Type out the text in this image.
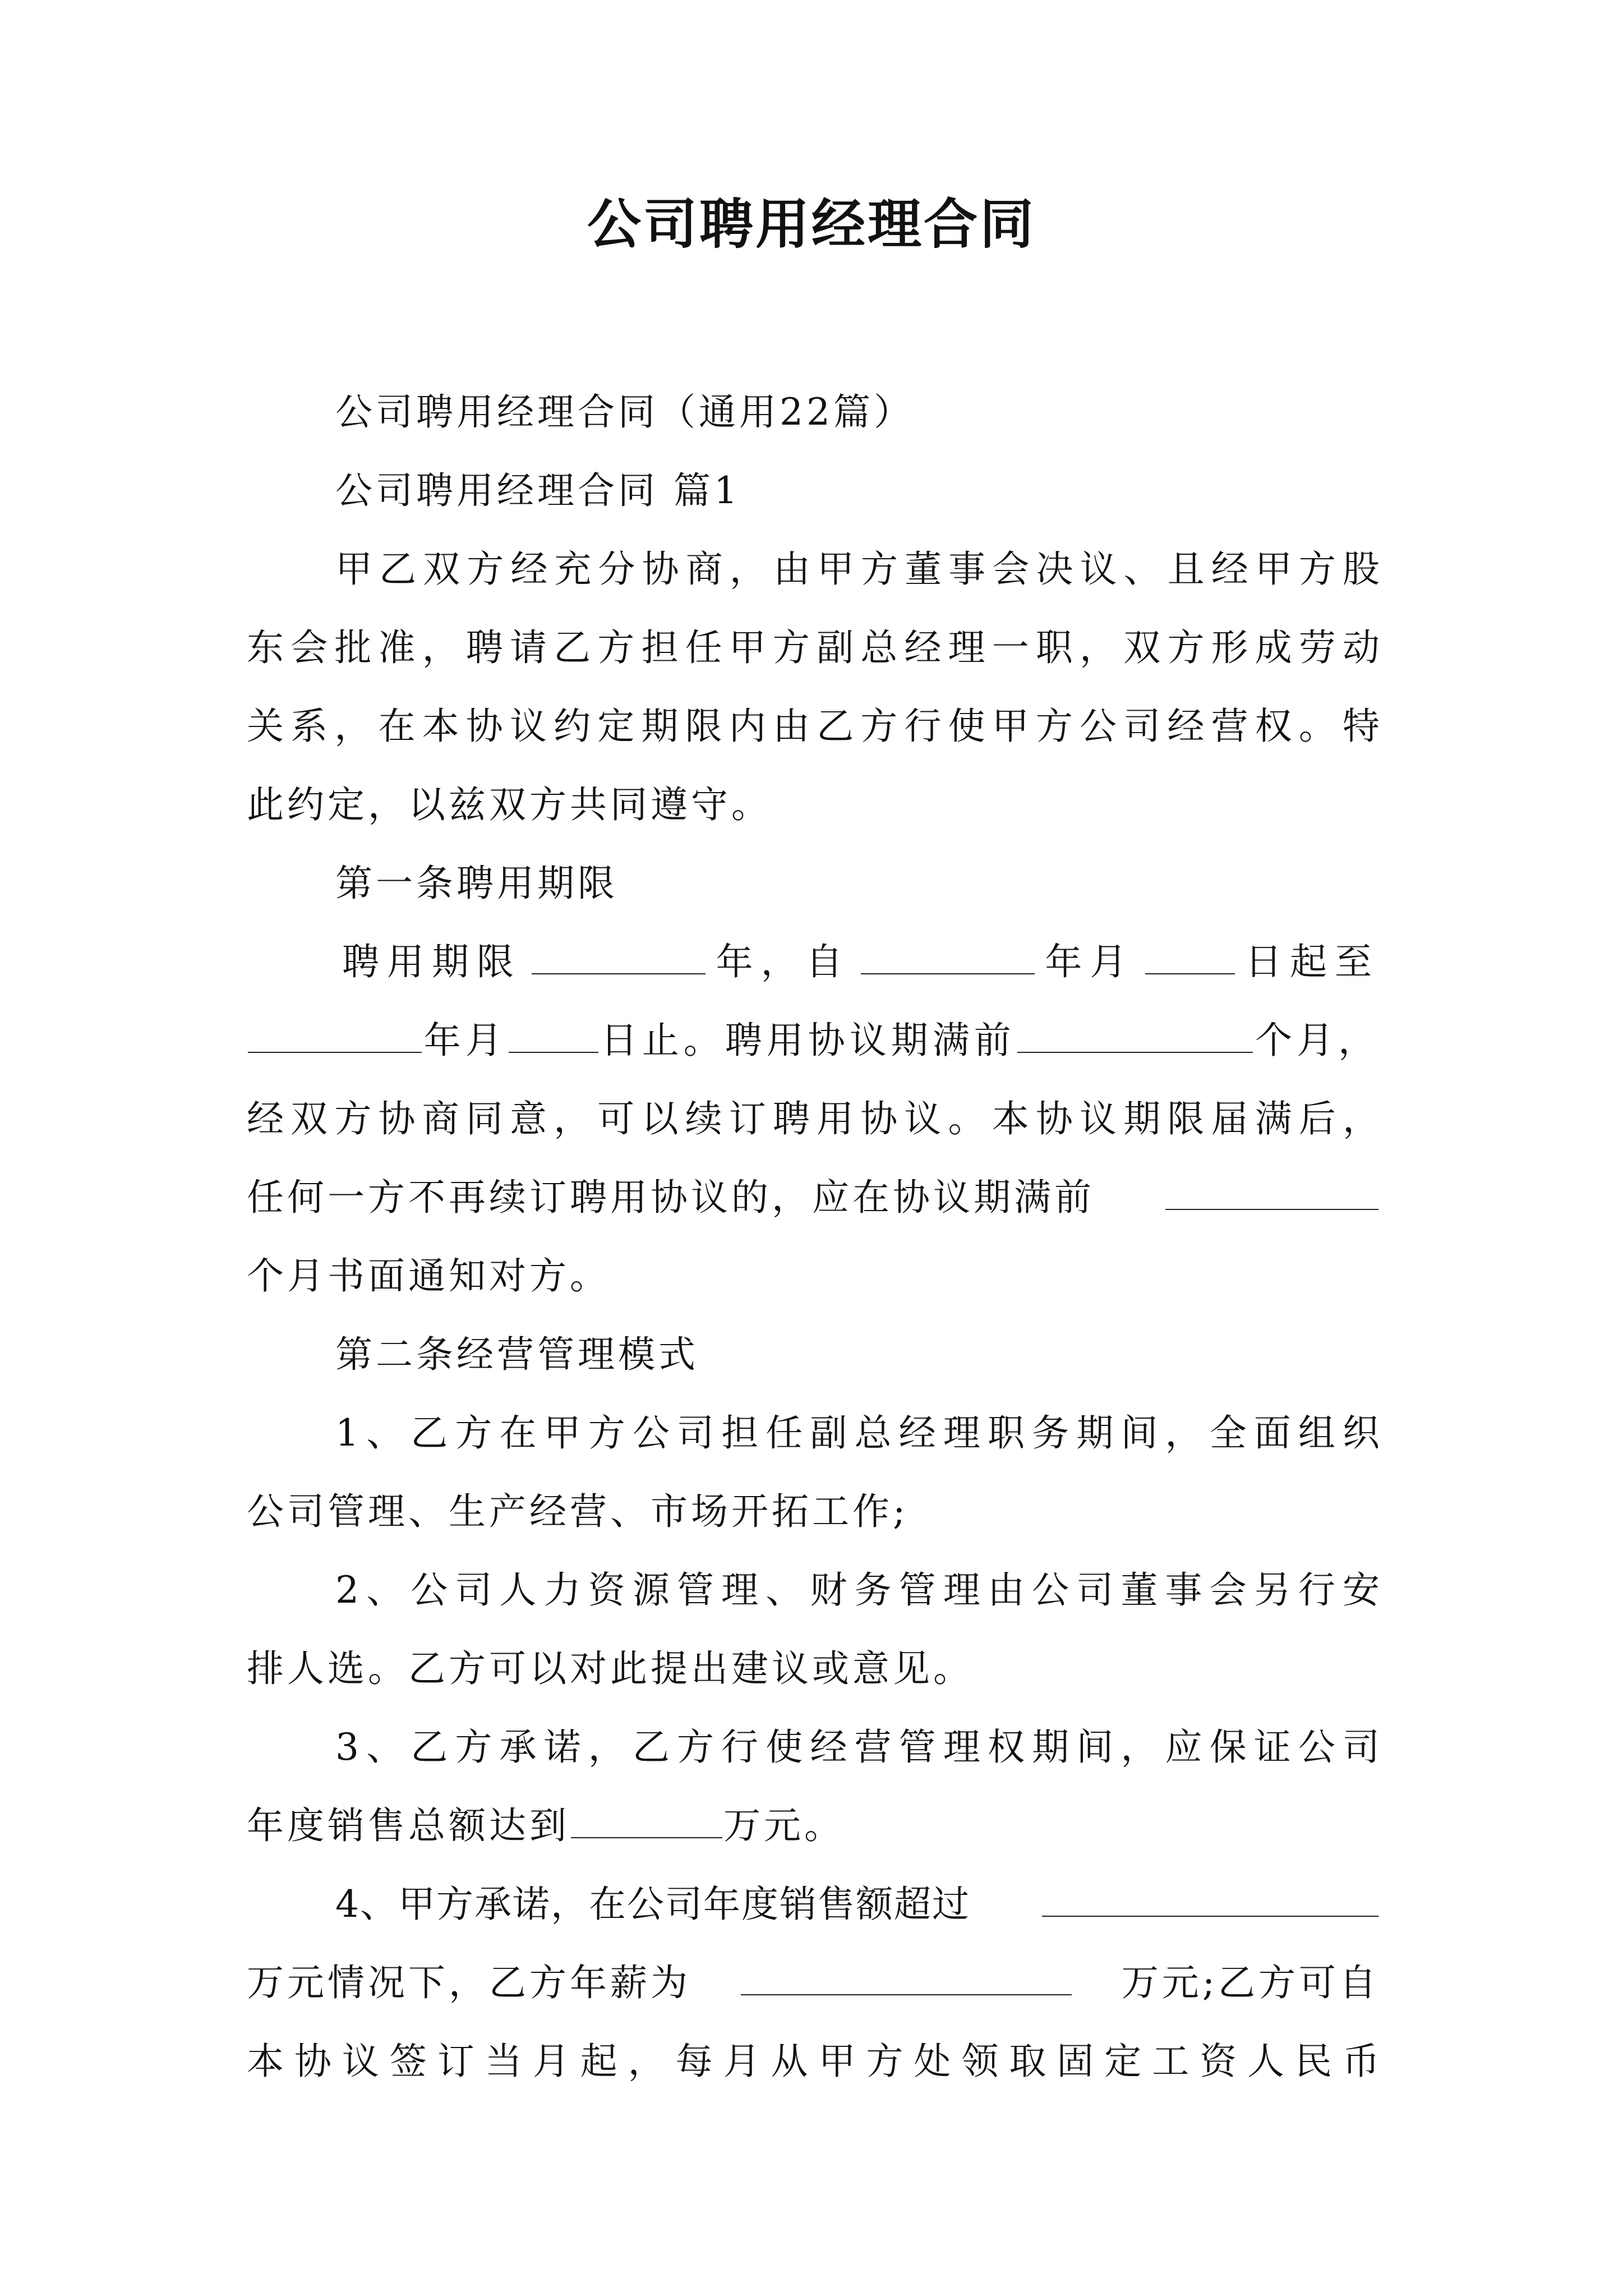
公司聘用经理合同
公司聘用经理合同（通用22篇）
公司聘用经理合同 篇1
甲乙双方经充分协商，由甲方董事会决议、且经甲方股
东会批准，聘请乙方担任甲方副总经理一职，双方形成劳动
关系，在本协议约定期限内由乙方行使甲方公司经营权。特
此约定，以兹双方共同遵守。
第一条聘用期限
聘用期限	年，自	年月	日起至
年月	日止。聘用协议期满前	个月，
经双方协商同意，可以续订聘用协议。本协议期限届满后，
任何一方不再续订聘用协议的，应在协议期满前
个月书面通知对方。
第二条经营管理模式
1、乙方在甲方公司担任副总经理职务期间，全面组织
公司管理、生产经营、市场开拓工作;
2、公司人力资源管理、财务管理由公司董事会另行安
排人选。乙方可以对此提出建议或意见。
3、乙方承诺，乙方行使经营管理权期间，应保证公司
年度销售总额达到	万元。
4、甲方承诺，在公司年度销售额超过
万元情况下，乙方年薪为	万元;乙方可自
本协议签订当月起，每月从甲方处领取固定工资人民币
